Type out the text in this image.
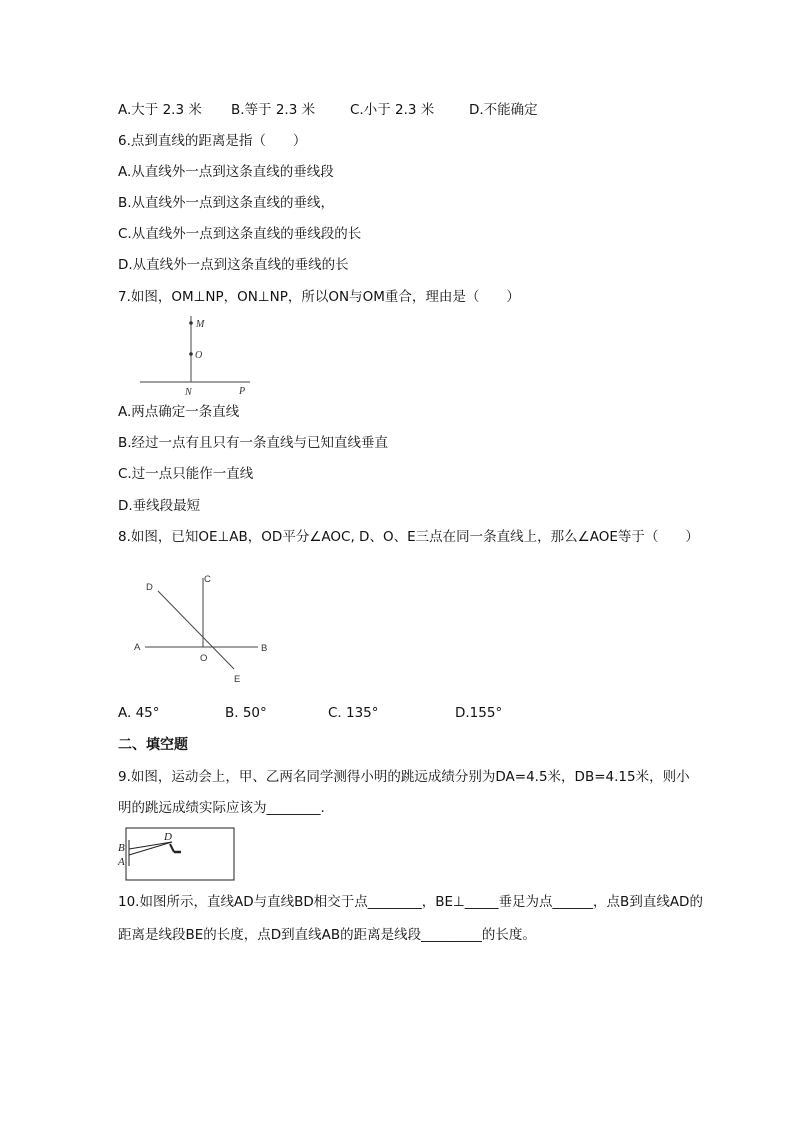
A.大于 2.3 米 B.等于 2.3 米	C.小于 2.3 米	D.不能确定
6.点到直线的距离是指（　　）
A.从直线外一点到这条直线的垂线段
B.从直线外一点到这条直线的垂线，
C.从直线外一点到这条直线的垂线段的长
D.从直线外一点到这条直线的垂线的长
7.如图，OM⊥NP，ON⊥NP，所以ON与OM重合，理由是（　　）
M
O
N	P
A.两点确定一条直线
B.经过一点有且只有一条直线与已知直线垂直
C.过一点只能作一直线
D.垂线段最短
8.如图，已知OE⊥AB，OD平分∠AOC, D、O、E三点在同一条直线上，那么∠AOE等于（　　）
D
C
A	B
O
E
A. 45°	B. 50°	C. 135°	D.155°
二、填空题
9.如图，运动会上，甲、乙两名同学测得小明的跳远成绩分别为DA=4.5米，DB=4.15米，则小
明的跳远成绩实际应该为________.
B
A
D
10.如图所示，直线AD与直线BD相交于点________，BE⊥_____垂足为点______，点B到直线AD的
距离是线段BE的长度，点D到直线AB的距离是线段_________的长度。
